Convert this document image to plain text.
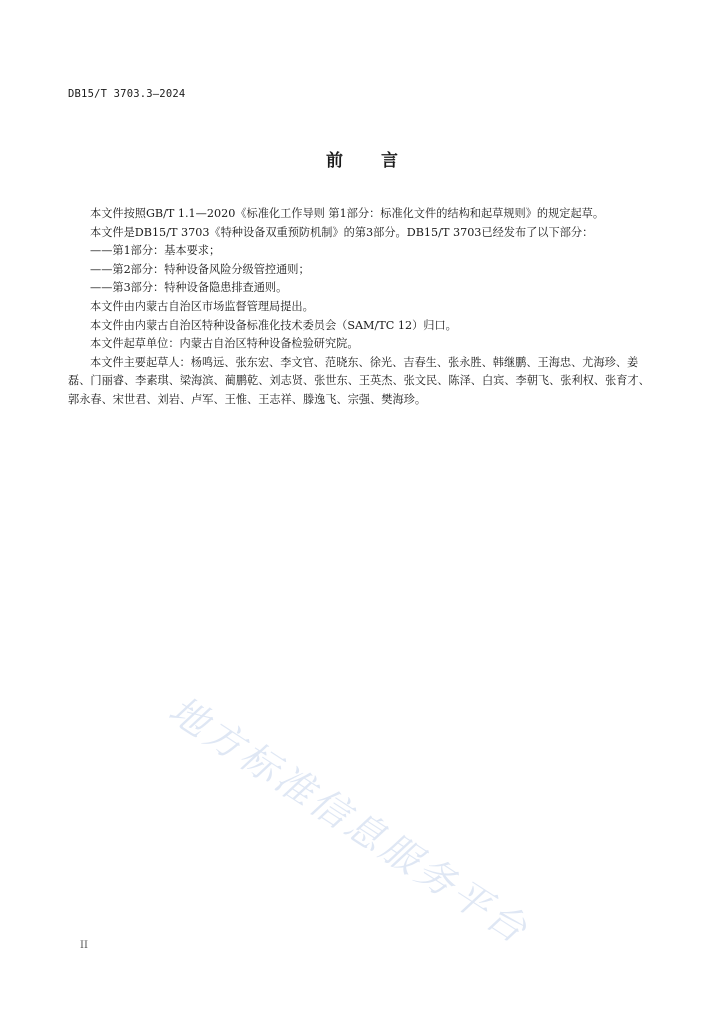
DB15/T 3703.3—2024
前 言

本文件按照GB/T 1.1—2020《标准化工作导则 第1部分：标准化文件的结构和起草规则》的规定起草。

本文件是DB15/T 3703《特种设备双重预防机制》的第3部分。DB15/T 3703已经发布了以下部分：

——第1部分：基本要求；

——第2部分：特种设备风险分级管控通则；

——第3部分：特种设备隐患排查通则。

本文件由内蒙古自治区市场监督管理局提出。

本文件由内蒙古自治区特种设备标准化技术委员会（SAM/TC 12）归口。

本文件起草单位：内蒙古自治区特种设备检验研究院。

本文件主要起草人：杨鸣远、张东宏、李文官、范晓东、徐光、吉春生、张永胜、韩继鹏、王海忠、尤海珍、姜磊、门丽睿、李素琪、梁海滨、蔺鹏乾、刘志贤、张世东、王英杰、张文民、陈泽、白宾、李朝飞、张利权、张育才、郭永春、宋世君、刘岩、卢军、王惟、王志祥、滕逸飞、宗强、樊海珍。

地方标准信息服务平台
II
